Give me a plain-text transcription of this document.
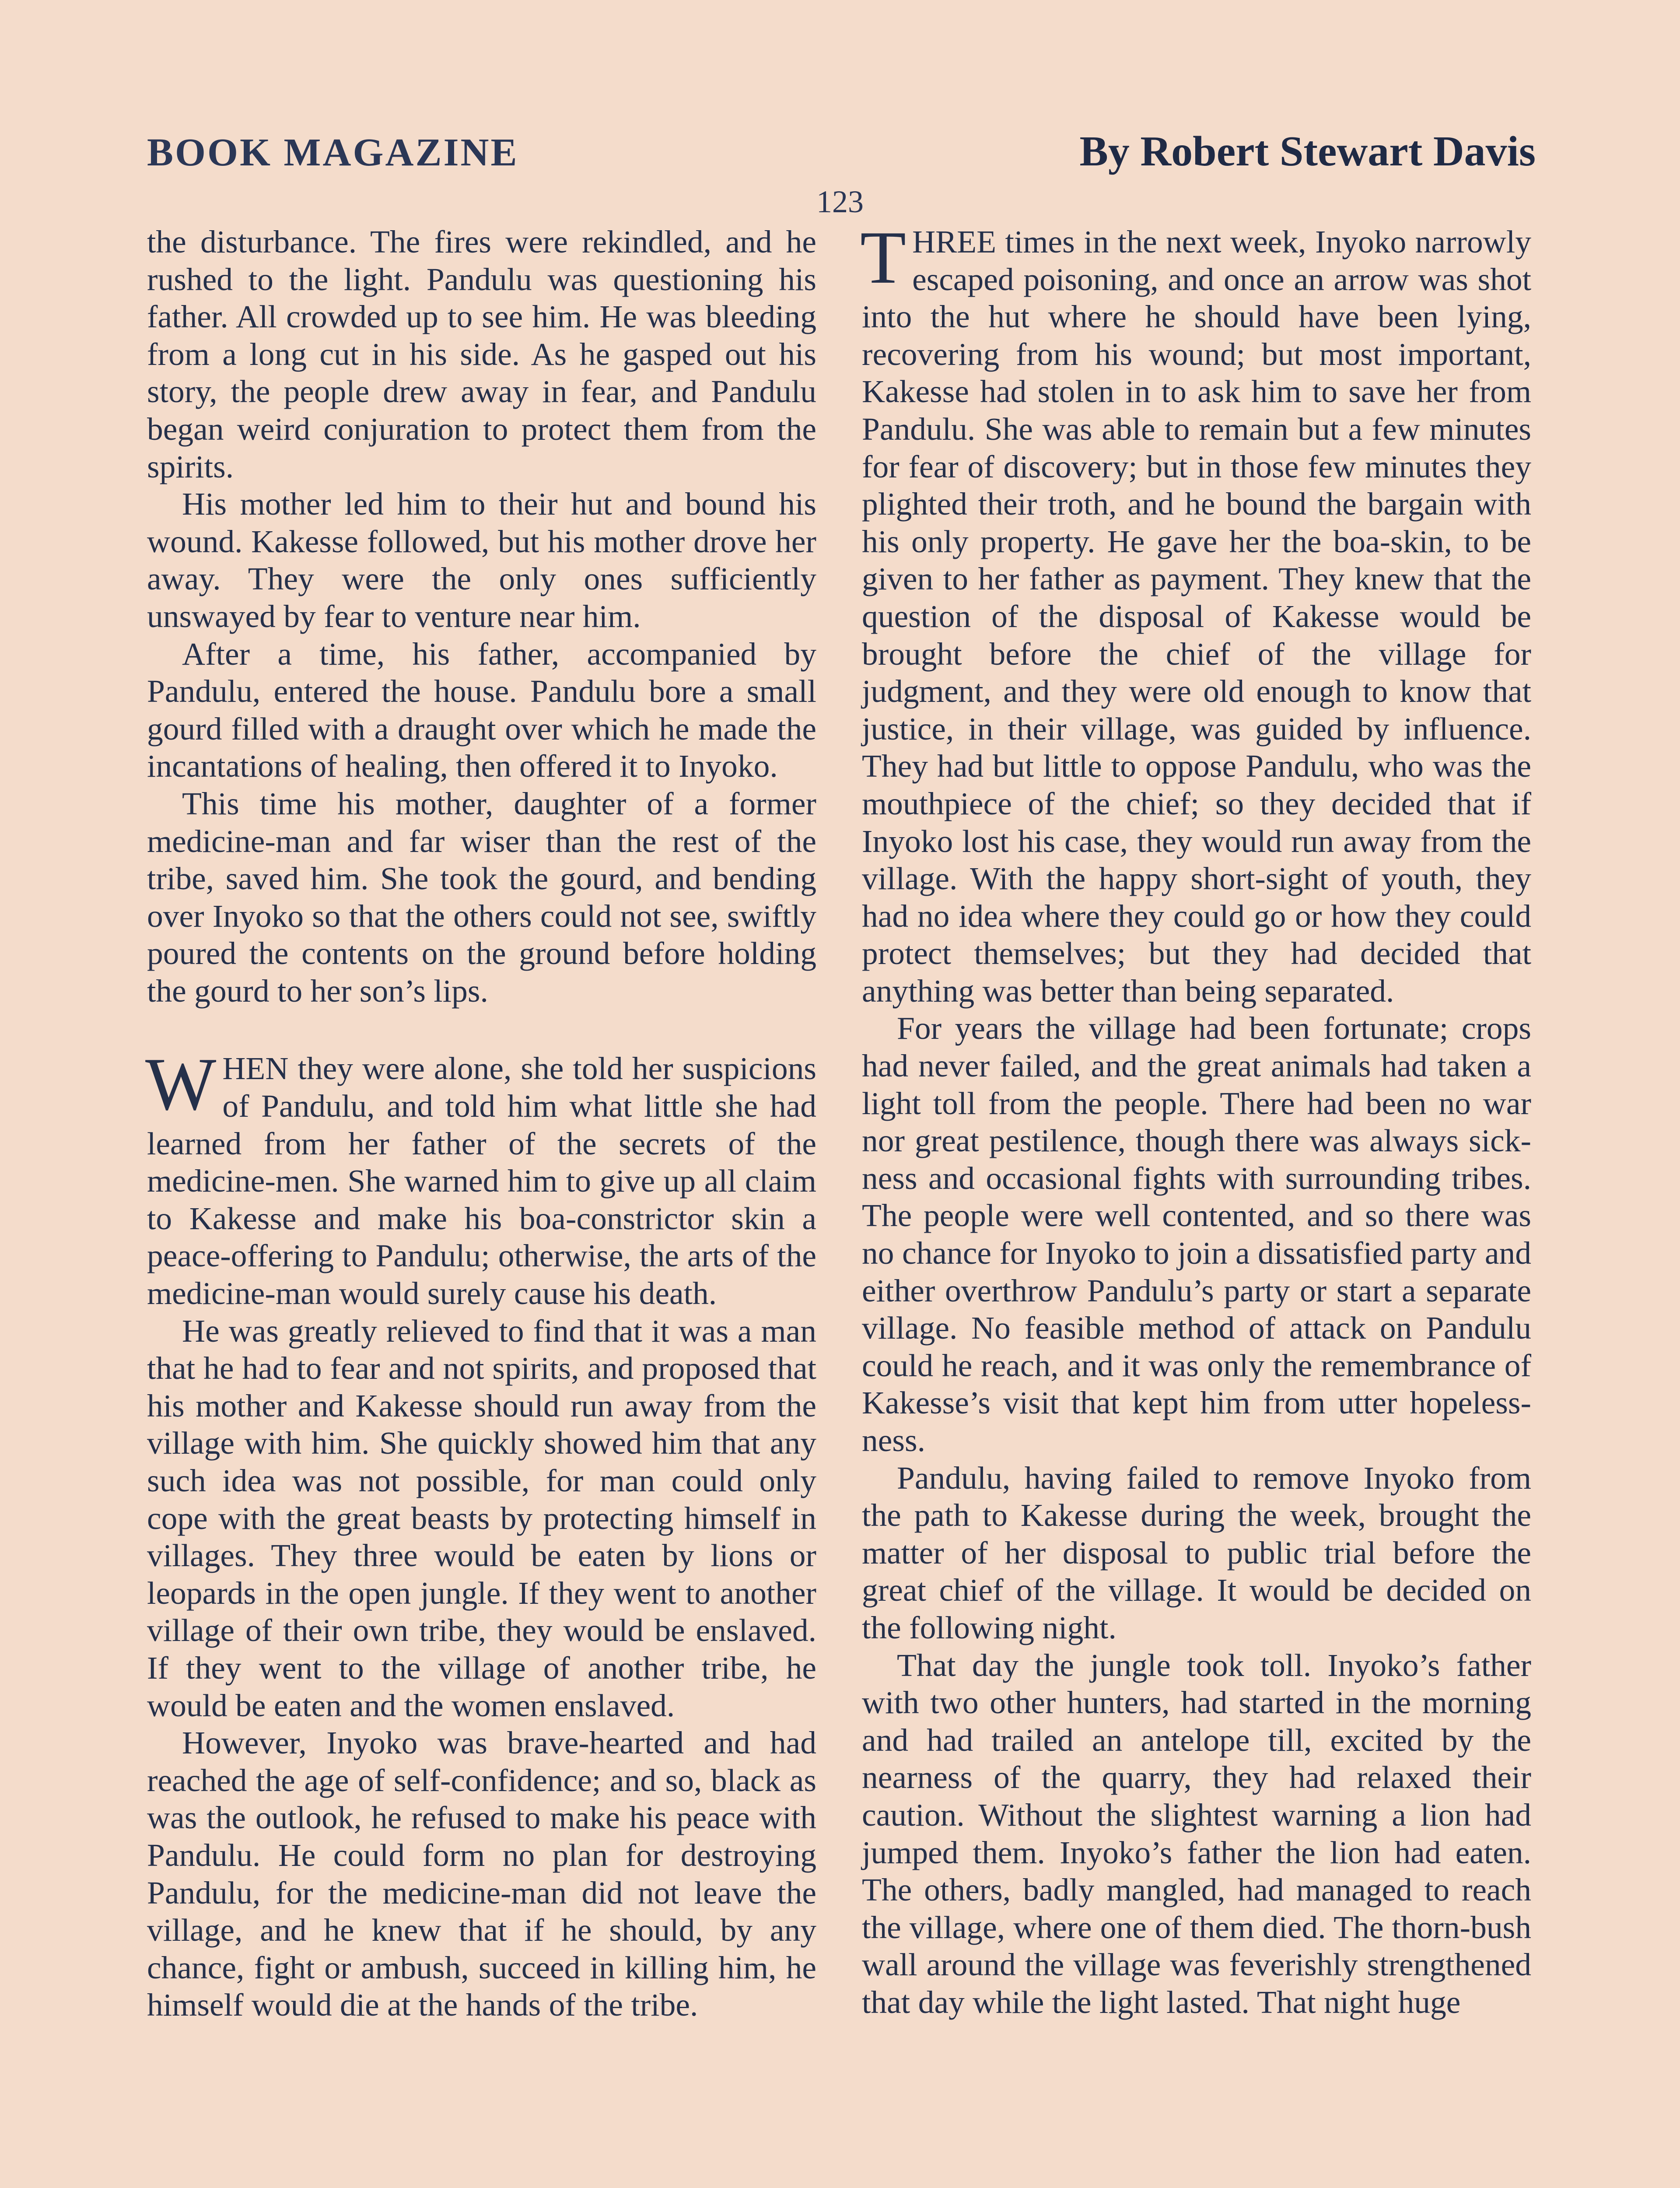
BOOK MAGAZINE	By Robert Stewart Davis
123

the disturbance. The fires were rekindled, and he rushed to the light. Pandulu was questioning his father. All crowded up to see him. He was bleeding from a long cut in his side. As he gasped out his story, the people drew away in fear, and Pandulu began weird conjuration to protect them from the spirits.

His mother led him to their hut and bound his wound. Kakesse followed, but his mother drove her away. They were the only ones sufficiently unswayed by fear to venture near him.

After a time, his father, accompanied by Pandulu, entered the house. Pandulu bore a small gourd filled with a draught over which he made the incantations of healing, then offered it to Inyoko.

This time his mother, daughter of a former medicine-man and far wiser than the rest of the tribe, saved him. She took the gourd, and bending over Inyoko so that the others could not see, swiftly poured the contents on the ground before holding the gourd to her son’s lips.

WHEN they were alone, she told her suspicions of Pandulu, and told him what little she had learned from her father of the secrets of the medicine-men. She warned him to give up all claim to Kakesse and make his boa-constrictor skin a peace-offering to Pandulu; otherwise, the arts of the medicine-man would surely cause his death.

He was greatly relieved to find that it was a man that he had to fear and not spirits, and proposed that his mother and Kakesse should run away from the village with him. She quickly showed him that any such idea was not possible, for man could only cope with the great beasts by protecting himself in villages. They three would be eaten by lions or leopards in the open jungle. If they went to another village of their own tribe, they would be enslaved. If they went to the village of another tribe, he would be eaten and the women enslaved.

However, Inyoko was brave-hearted and had reached the age of self-confidence; and so, black as was the outlook, he refused to make his peace with Pandulu. He could form no plan for destroying Pandulu, for the medicine-man did not leave the village, and he knew that if he should, by any chance, fight or ambush, succeed in killing him, he himself would die at the hands of the tribe.

THREE times in the next week, Inyoko narrowly escaped poisoning, and once an arrow was shot into the hut where he should have been lying, recovering from his wound; but most important, Kakesse had stolen in to ask him to save her from Pandulu. She was able to remain but a few minutes for fear of discovery; but in those few minutes they plighted their troth, and he bound the bargain with his only property. He gave her the boa-skin, to be given to her father as payment. They knew that the question of the disposal of Kakesse would be brought before the chief of the village for judgment, and they were old enough to know that justice, in their village, was guided by influence. They had but little to oppose Pandulu, who was the mouthpiece of the chief; so they decided that if Inyoko lost his case, they would run away from the village. With the happy short-sight of youth, they had no idea where they could go or how they could protect themselves; but they had decided that anything was better than being separated.

For years the village had been fortunate; crops had never failed, and the great animals had taken a light toll from the people. There had been no war nor great pestilence, though there was always sickness and occasional fights with surrounding tribes. The people were well contented, and so there was no chance for Inyoko to join a dissatisfied party and either overthrow Pandulu’s party or start a separate village. No feasible method of attack on Pandulu could he reach, and it was only the remembrance of Kakesse’s visit that kept him from utter hopelessness.

Pandulu, having failed to remove Inyoko from the path to Kakesse during the week, brought the matter of her disposal to public trial before the great chief of the village. It would be decided on the following night.

That day the jungle took toll. Inyoko’s father with two other hunters, had started in the morning and had trailed an antelope till, excited by the nearness of the quarry, they had relaxed their caution. Without the slightest warning a lion had jumped them. Inyoko’s father the lion had eaten. The others, badly mangled, had managed to reach the village, where one of them died. The thorn-bush wall around the village was feverishly strengthened that day while the light lasted. That night huge
